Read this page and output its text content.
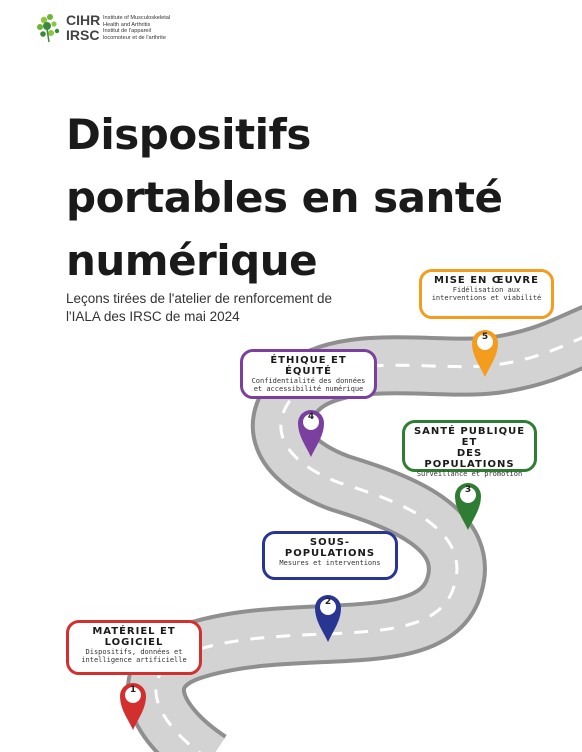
CIHR
IRSC
Institute of Musculoskeletal
Health and Arthritis
Institut de l'appareil
locomoteur et de l'arthrite
Dispositifs
portables en santé
numérique
Leçons tirées de l'atelier de renforcement de
l'IALA des IRSC de mai 2024
MISE EN ŒUVRE
Fidélisation aux
interventions et viabilité
5
ÉTHIQUE ET ÉQUITÉ
Confidentialité des données
et accessibilité numérique
4
SANTÉ PUBLIQUE ET
DES POPULATIONS
Surveillance et promotion
3
SOUS-
POPULATIONS
Mesures et interventions
2
MATÉRIEL ET
LOGICIEL
Dispositifs, données et
intelligence artificielle
1
